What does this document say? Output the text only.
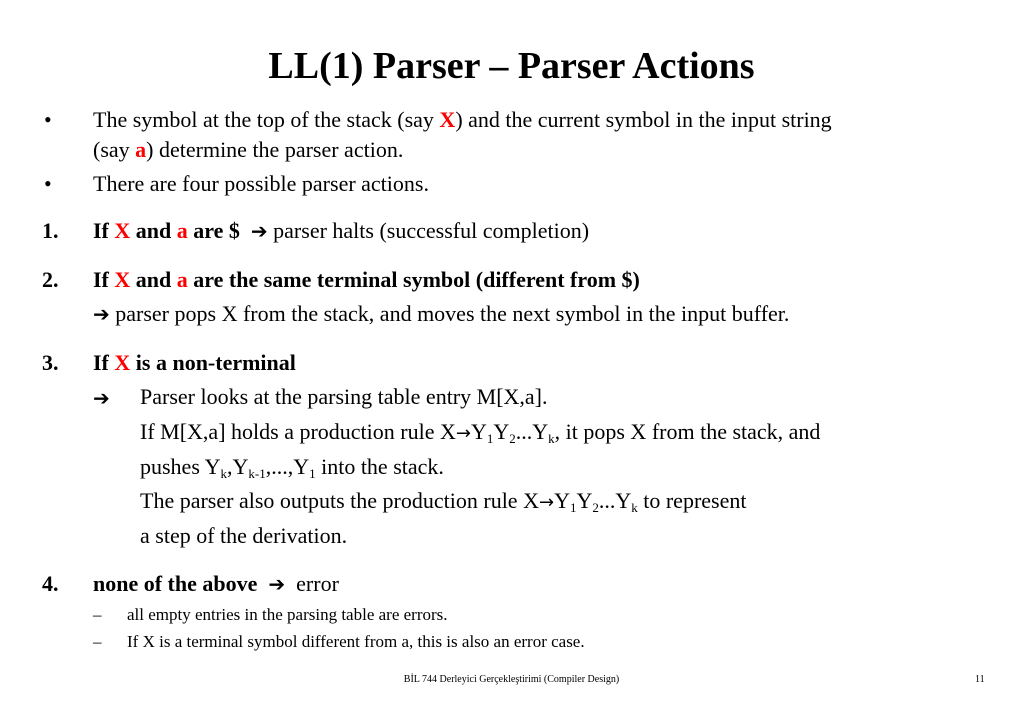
LL(1) Parser – Parser Actions
• The symbol at the top of the stack (say X) and the current symbol in the input string
(say a) determine the parser action.
• There are four possible parser actions.
1. If X and a are $ ➔ parser halts (successful completion)
2. If X and a are the same terminal symbol (different from $)
➔ parser pops X from the stack, and moves the next symbol in the input buffer.
3. If X is a non-terminal
➔ Parser looks at the parsing table entry M[X,a].
If M[X,a] holds a production rule $X\to Y_1Y_2...Y_k$, it pops X from the stack, and
pushes $Y_k,Y_{k-1},...,Y_1$ into the stack.
The parser also outputs the production rule $X\to Y_1Y_2...Y_k$ to represent
a step of the derivation.
4. none of the above ➔ error
– all empty entries in the parsing table are errors.
– If X is a terminal symbol different from a, this is also an error case.
BİL 744 Derleyici Gerçekleştirimi (Compiler Design)	11
